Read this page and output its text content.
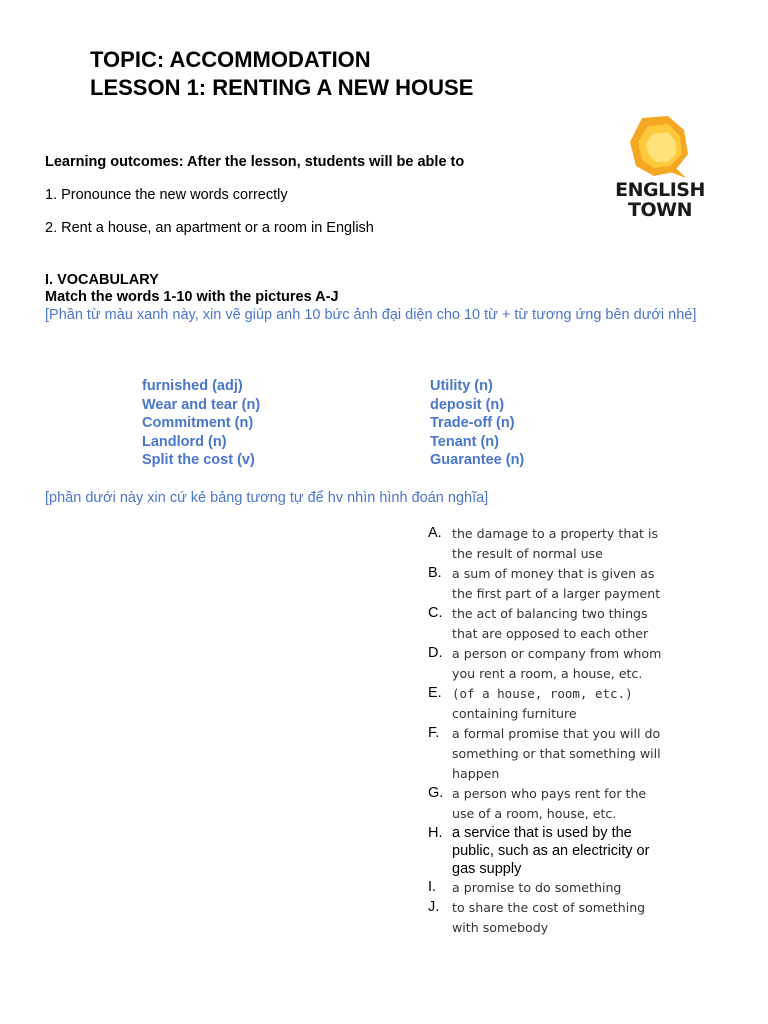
TOPIC: ACCOMMODATION
LESSON 1: RENTING A NEW HOUSE
ENGLISH
TOWN
Learning outcomes: After the lesson, students will be able to
1. Pronounce the new words correctly
2. Rent a house, an apartment or a room in English
I. VOCABULARY
Match the words 1-10 with the pictures A-J
[Phần từ màu xanh này, xin vẽ giúp anh 10 bức ảnh đại diện cho 10 từ + từ tương ứng bên dưới nhé]
furnished (adj)
Wear and tear (n)
Commitment (n)
Landlord (n)
Split the cost (v)
Utility (n)
deposit (n)
Trade-off (n)
Tenant (n)
Guarantee (n)
[phần dưới này xin cứ kẻ bảng tương tự để hv nhìn hình đoán nghĩa]
A. the damage to a property that is the result of normal use
B. a sum of money that is given as the first part of a larger payment
C. the act of balancing two things that are opposed to each other
D. a person or company from whom you rent a room, a house, etc.
E. (of a house, room, etc.) containing furniture
F.	a formal promise that you will do something or that something will happen
G. a person who pays rent for the use of a room, house, etc.
H. a service that is used by the public, such as an electricity or gas supply
I.	a promise to do something
J.	to share the cost of something with somebody
